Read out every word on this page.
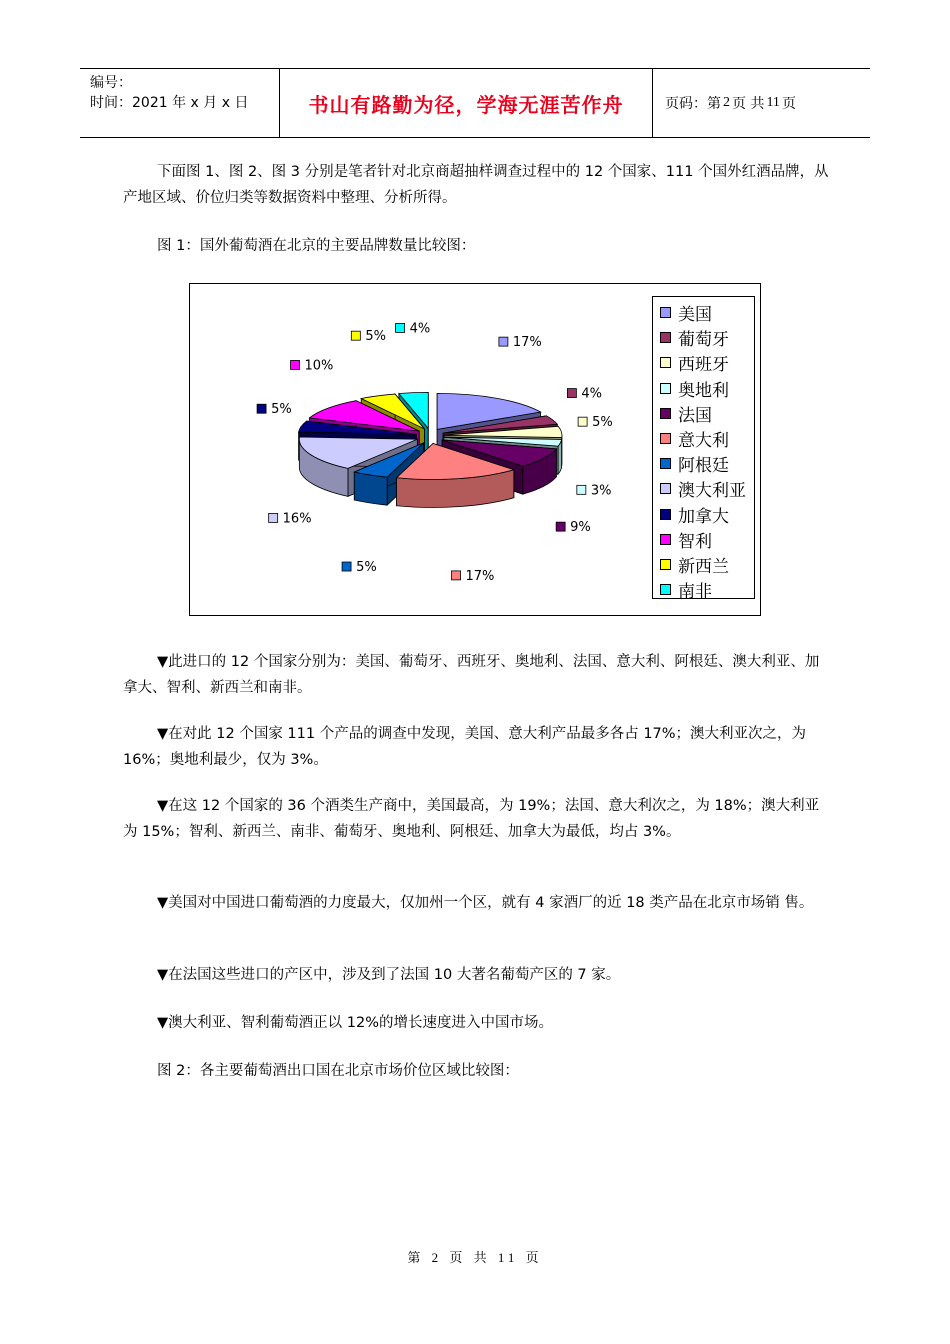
编号：
时间：2021 年 x 月 x 日	书山有路勤为径，学海无涯苦作舟	页码：第 2 页 共 11 页

下面图 1、图 2、图 3 分别是笔者针对北京商超抽样调查过程中的 12 个国家、111 个国外红酒品牌，从产地区域、价位归类等数据资料中整理、分析所得。

图 1：国外葡萄酒在北京的主要品牌数量比较图：

17%
4%
5%
3%
9%
17%
5%
16%
5%
10%
5%
4%
美国
葡萄牙
西班牙
奥地利
法国
意大利
阿根廷
澳大利亚
加拿大
智利
新西兰
南非

▼此进口的 12 个国家分别为：美国、葡萄牙、西班牙、奥地利、法国、意大利、阿根廷、澳大利亚、加拿大、智利、新西兰和南非。

▼在对此 12 个国家 111 个产品的调查中发现，美国、意大利产品最多各占 17%；澳大利亚次之，为 16%；奥地利最少，仅为 3%。

▼在这 12 个国家的 36 个酒类生产商中，美国最高，为 19%；法国、意大利次之，为 18%；澳大利亚为 15%；智利、新西兰、南非、葡萄牙、奥地利、阿根廷、加拿大为最低，均占 3%。

▼美国对中国进口葡萄酒的力度最大，仅加州一个区，就有 4 家酒厂的近 18 类产品在北京市场销 售。

▼在法国这些进口的产区中，涉及到了法国 10 大著名葡萄产区的 7 家。

▼澳大利亚、智利葡萄酒正以 12%的增长速度进入中国市场。

图 2：各主要葡萄酒出口国在北京市场价位区域比较图：

第 2 页 共 11 页
